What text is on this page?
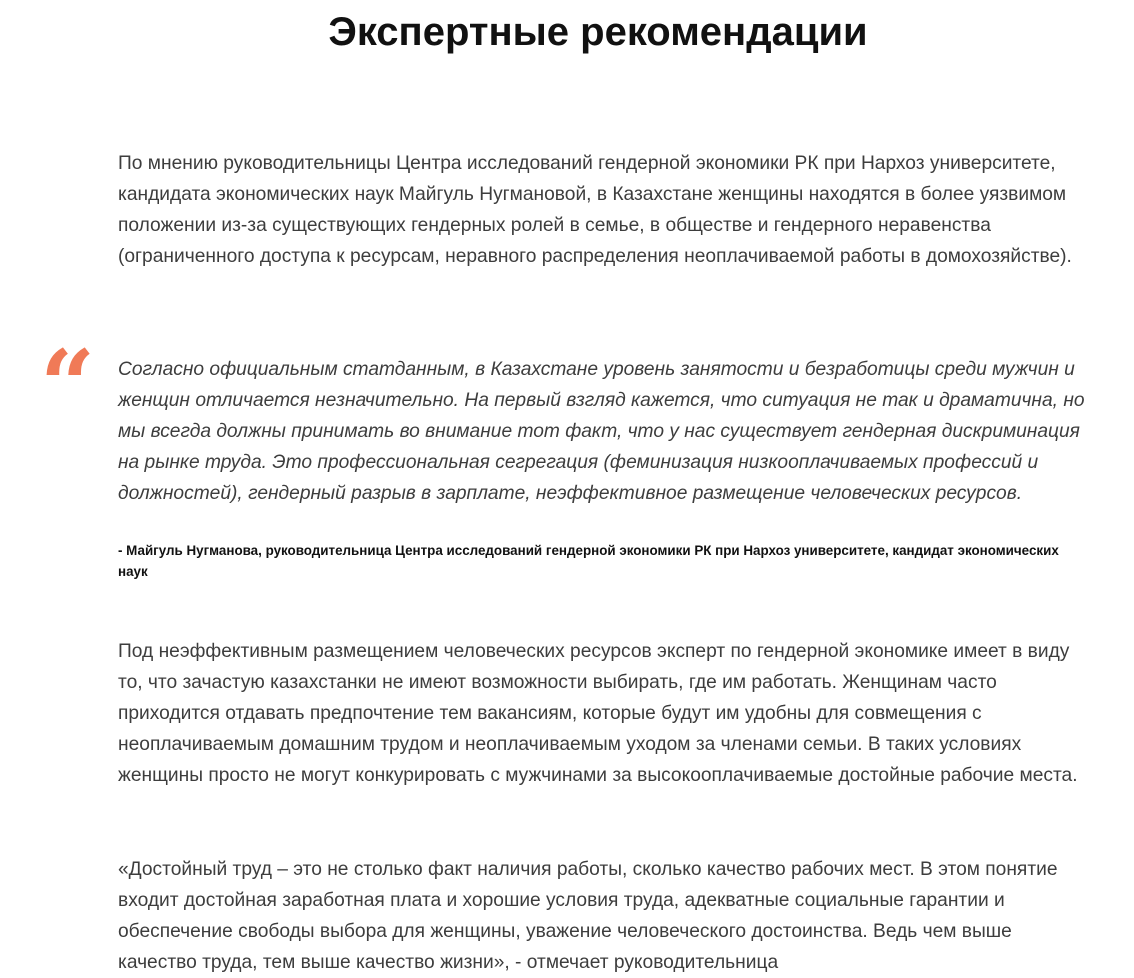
Экспертные рекомендации

По мнению руководительницы Центра исследований гендерной экономики РК при Нархоз университете, кандидата экономических наук Майгуль Нугмановой, в Казахстане женщины находятся в более уязвимом положении из-за существующих гендерных ролей в семье, в обществе и гендерного неравенства (ограниченного доступа к ресурсам, неравного распределения неоплачиваемой работы в домохозяйстве).

“ Согласно официальным статданным, в Казахстане уровень занятости и безработицы среди мужчин и женщин отличается незначительно. На первый взгляд кажется, что ситуация не так и драматична, но мы всегда должны принимать во внимание тот факт, что у нас существует гендерная дискриминация на рынке труда. Это профессиональная сегрегация (феминизация низкооплачиваемых профессий и должностей), гендерный разрыв в зарплате, неэффективное размещение человеческих ресурсов.

- Майгуль Нугманова, руководительница Центра исследований гендерной экономики РК при Нархоз университете, кандидат экономических наук

Под неэффективным размещением человеческих ресурсов эксперт по гендерной экономике имеет в виду то, что зачастую казахстанки не имеют возможности выбирать, где им работать. Женщинам часто приходится отдавать предпочтение тем вакансиям, которые будут им удобны для совмещения с неоплачиваемым домашним трудом и неоплачиваемым уходом за членами семьи. В таких условиях женщины просто не могут конкурировать с мужчинами за высокооплачиваемые достойные рабочие места.

«Достойный труд – это не столько факт наличия работы, сколько качество рабочих мест. В этом понятие входит достойная заработная плата и хорошие условия труда, адекватные социальные гарантии и обеспечение свободы выбора для женщины, уважение человеческого достоинства. Ведь чем выше качество труда, тем выше качество жизни», - отмечает руководительница
